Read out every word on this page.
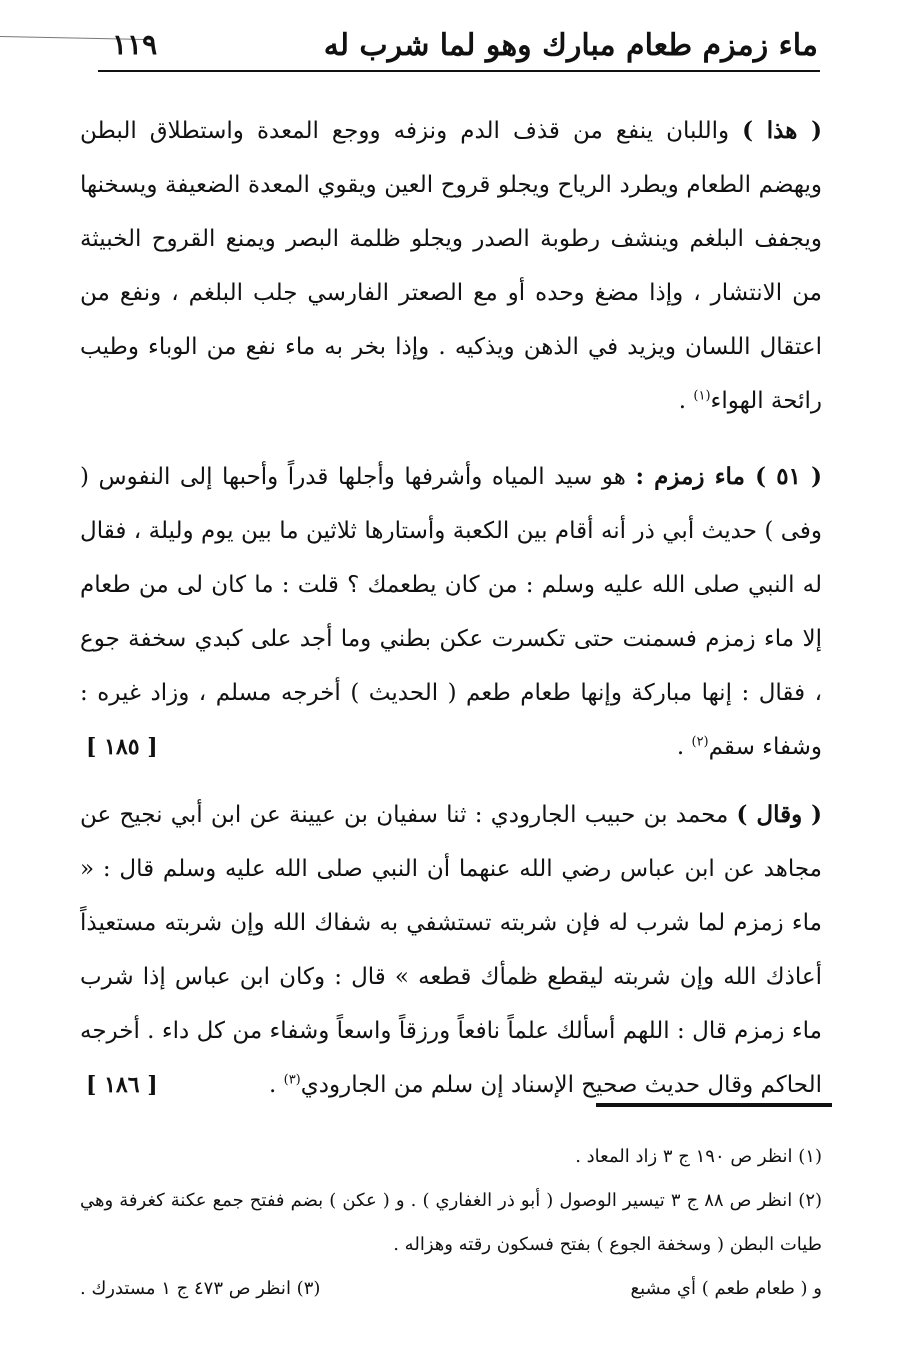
ماء زمزم طعام مبارك وهو لما شرب له
١١٩

( هذا ) واللبان ينفع من قذف الدم ونزفه ووجع المعدة واستطلاق البطن ويهضم الطعام ويطرد الرياح ويجلو قروح العين ويقوي المعدة الضعيفة ويسخنها ويجفف البلغم وينشف رطوبة الصدر ويجلو ظلمة البصر ويمنع القروح الخبيثة من الانتشار ، وإذا مضغ وحده أو مع الصعتر الفارسي جلب البلغم ، ونفع من اعتقال اللسان ويزيد في الذهن ويذكيه . وإذا بخر به ماء نفع من الوباء وطيب رائحة الهواء$^{(١)}$ .

( ٥١ ) ماء زمزم : هو سيد المياه وأشرفها وأجلها قدراً وأحبها إلى النفوس ( وفى ) حديث أبي ذر أنه أقام بين الكعبة وأستارها ثلاثين ما بين يوم وليلة ، فقال له النبي صلى الله عليه وسلم : من كان يطعمك ؟ قلت : ما كان لى من طعام إلا ماء زمزم فسمنت حتى تكسرت عكن بطني وما أجد على كبدي سخفة جوع ، فقال : إنها مباركة وإنها طعام طعم ( الحديث ) أخرجه مسلم ، وزاد غيره : وشفاء سقم$^{(٢)}$ .
[ ١٨٥ ]

( وقال ) محمد بن حبيب الجارودي : ثنا سفيان بن عيينة عن ابن أبي نجيح عن مجاهد عن ابن عباس رضي الله عنهما أن النبي صلى الله عليه وسلم قال : « ماء زمزم لما شرب له فإن شربته تستشفي به شفاك الله وإن شربته مستعيذاً أعاذك الله وإن شربته ليقطع ظمأك قطعه » قال : وكان ابن عباس إذا شرب ماء زمزم قال : اللهم أسألك علماً نافعاً ورزقاً واسعاً وشفاء من كل داء . أخرجه الحاكم وقال حديث صحيح الإسناد إن سلم من الجارودي$^{(٣)}$ .
[ ١٨٦ ]

(١) انظر ص ١٩٠ ج ٣ زاد المعاد .

(٢) انظر ص ٨٨ ج ٣ تيسير الوصول ( أبو ذر الغفاري ) . و ( عكن ) بضم ففتح جمع عكنة كغرفة وهي طيات البطن ( وسخفة الجوع ) بفتح فسكون رقته وهزاله .

و ( طعام طعم ) أي مشبع
(٣) انظر ص ٤٧٣ ج ١ مستدرك .
